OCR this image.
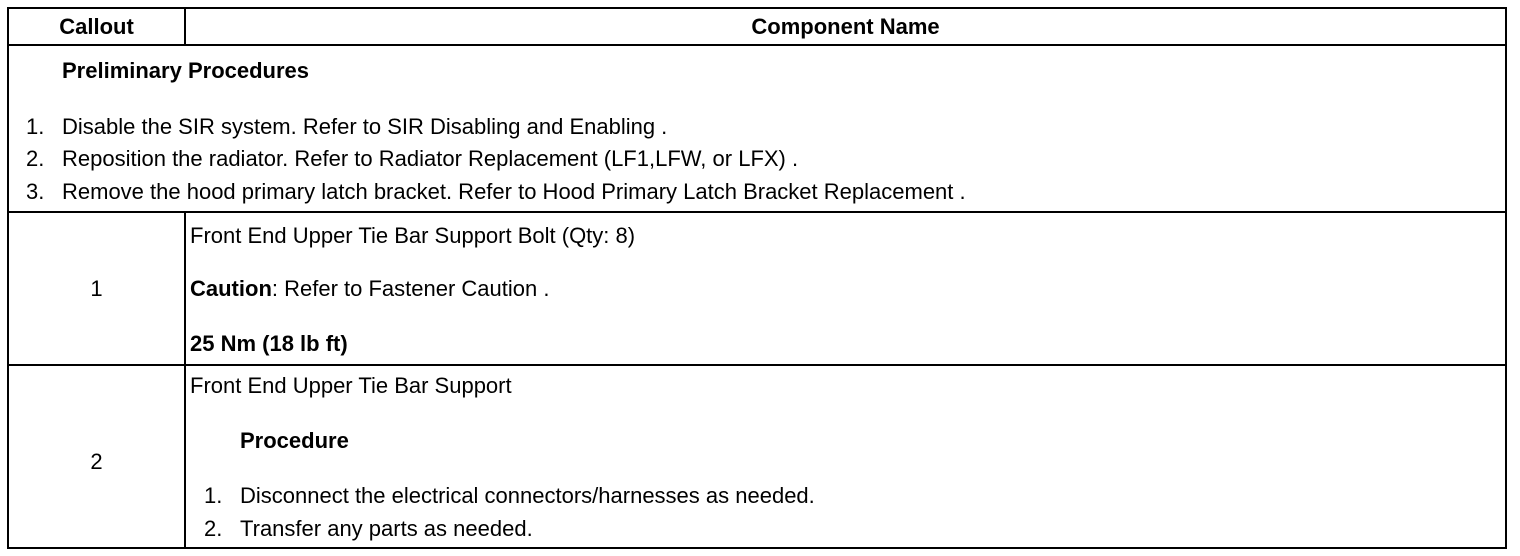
Callout	Component Name
Preliminary Procedures
1. Disable the SIR system. Refer to SIR Disabling and Enabling .
2. Reposition the radiator. Refer to Radiator Replacement (LF1,LFW, or LFX) .
3. Remove the hood primary latch bracket. Refer to Hood Primary Latch Bracket Replacement .
1
Front End Upper Tie Bar Support Bolt (Qty: 8)
Caution: Refer to Fastener Caution .
25 Nm (18 lb ft)
2
Front End Upper Tie Bar Support
Procedure
1. Disconnect the electrical connectors/harnesses as needed.
2. Transfer any parts as needed.
